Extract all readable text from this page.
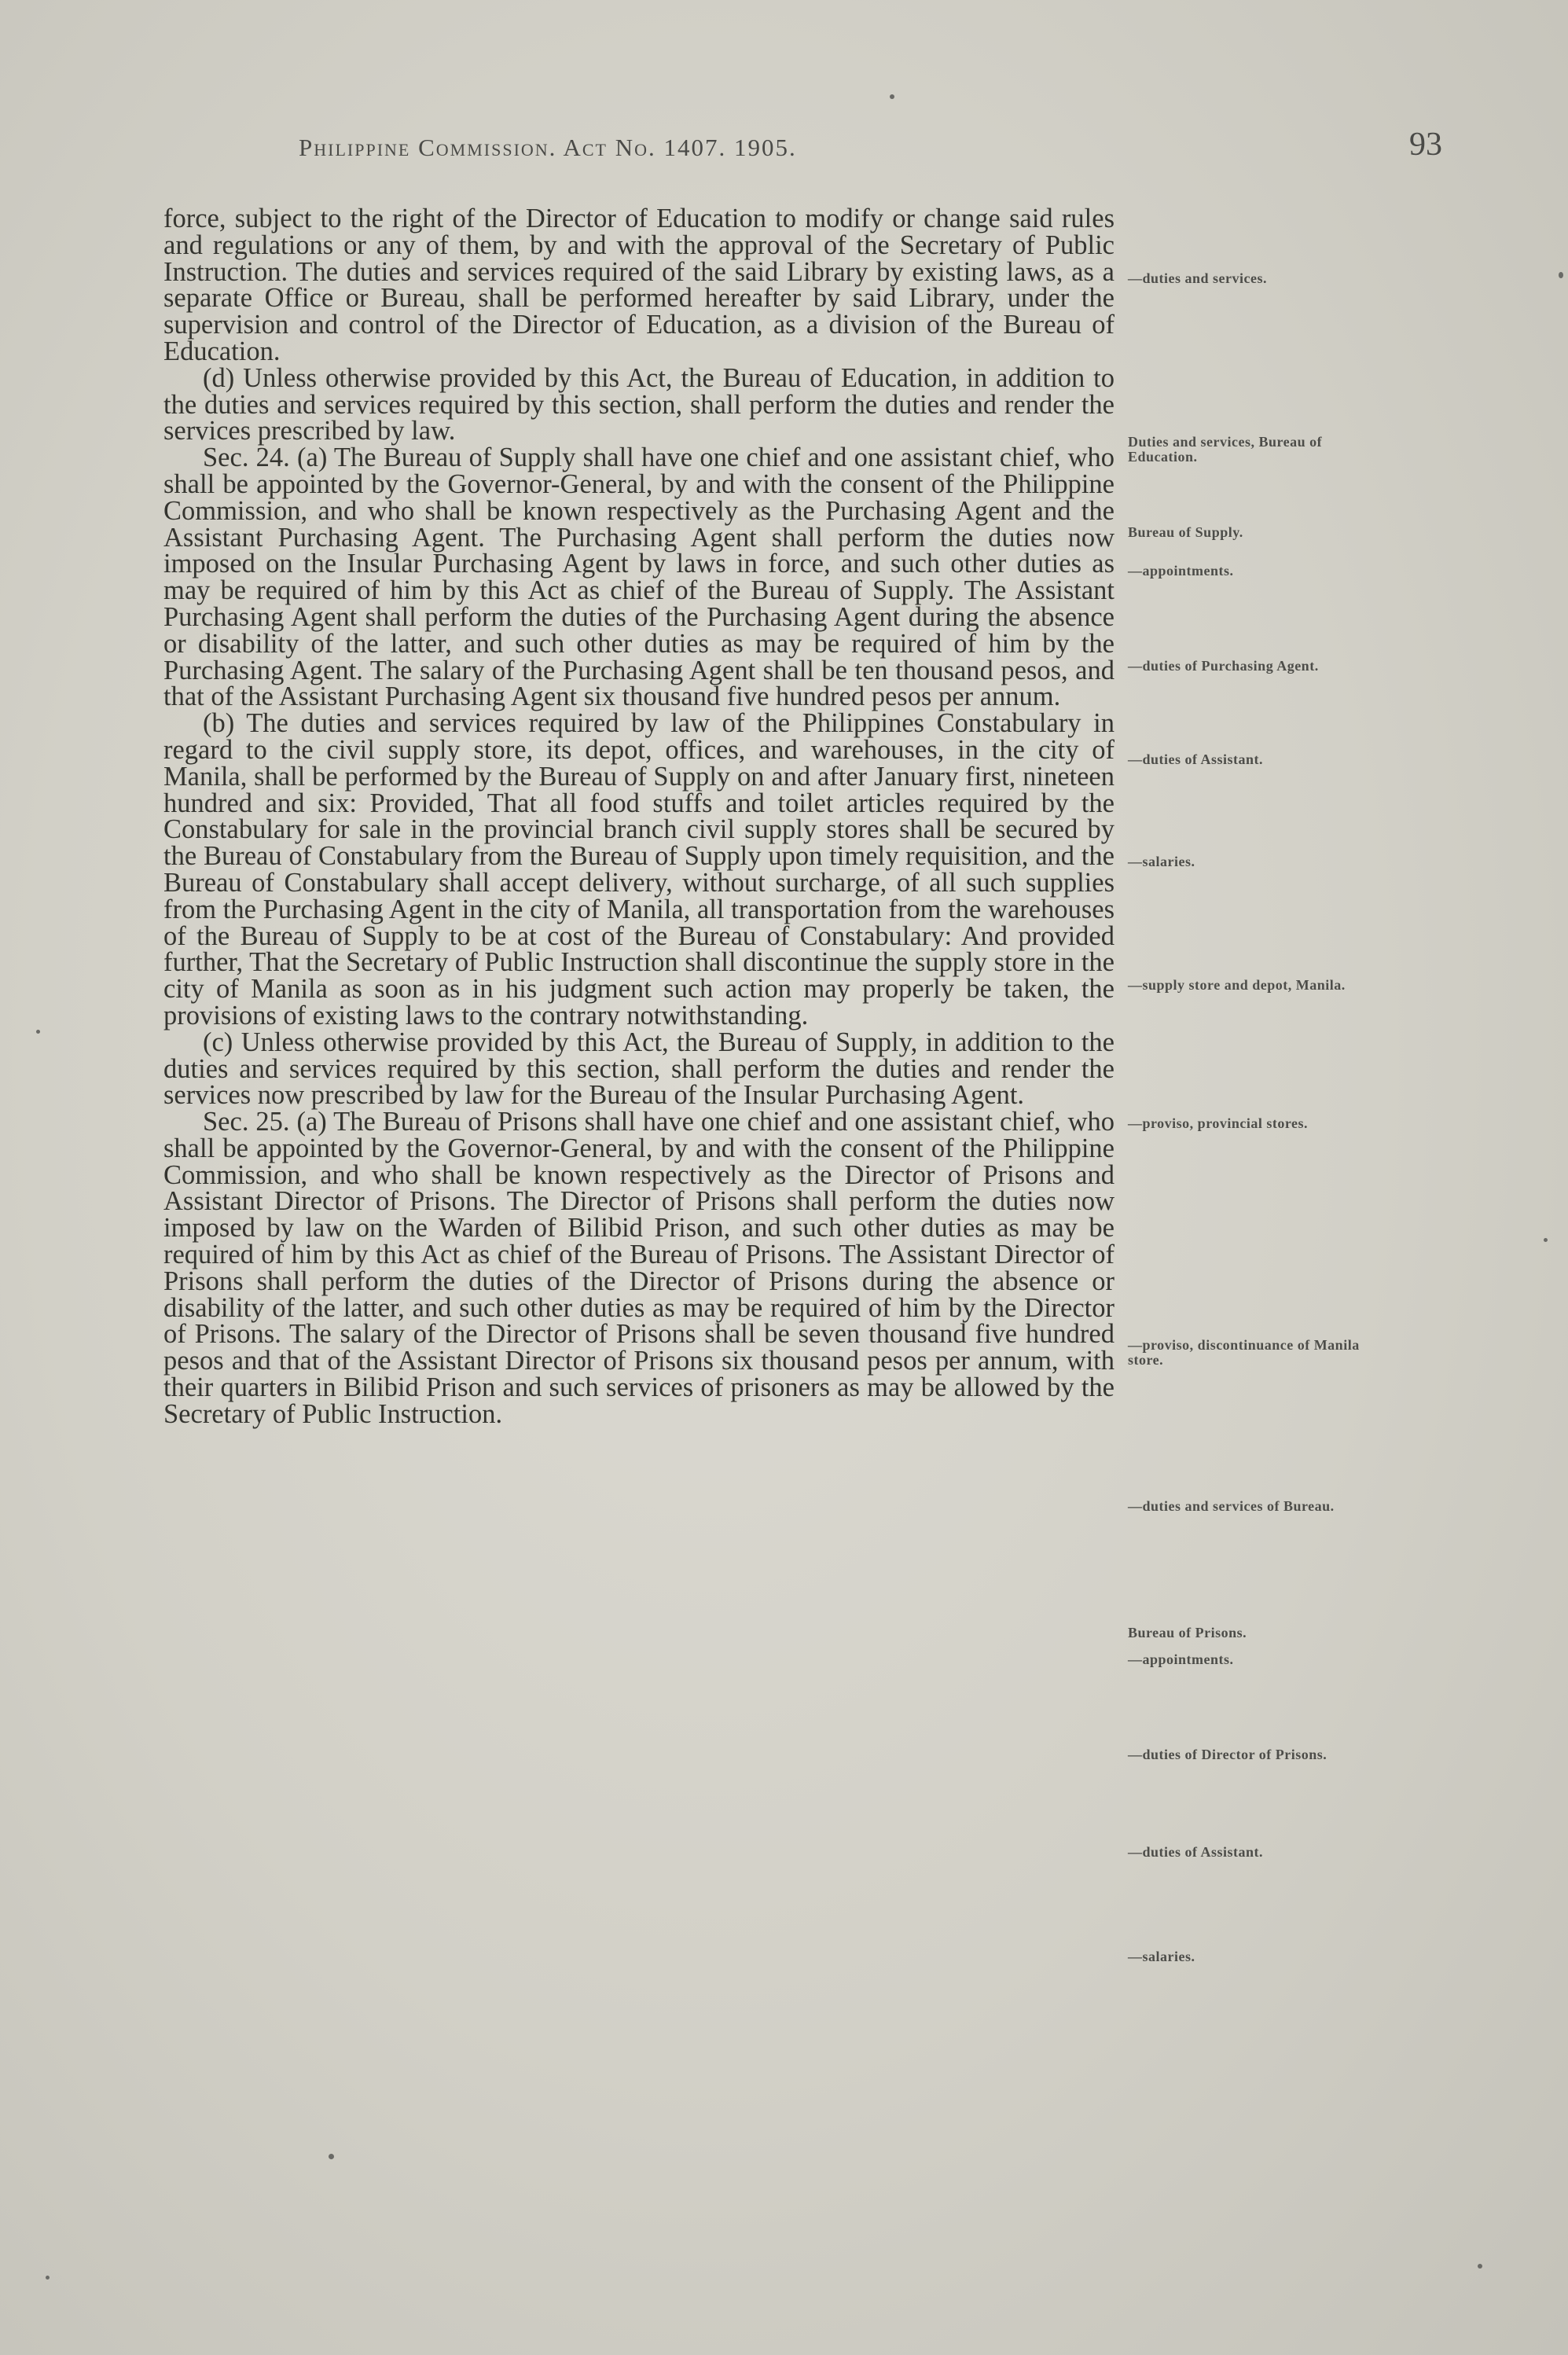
Philippine Commission. Act No. 1407. 1905.	93

force, subject to the right of the Director of Education to modify or change said rules and regulations or any of them, by and with the approval of the Secretary of Public Instruction. The duties and services required of the said Library by existing laws, as a separate Office or Bureau, shall be performed hereafter by said Library, under the supervision and control of the Director of Education, as a division of the Bureau of Education.

(d) Unless otherwise provided by this Act, the Bureau of Education, in addition to the duties and services required by this section, shall perform the duties and render the services prescribed by law.

Sec. 24. (a) The Bureau of Supply shall have one chief and one assistant chief, who shall be appointed by the Governor-General, by and with the consent of the Philippine Commission, and who shall be known respectively as the Purchasing Agent and the Assistant Purchasing Agent. The Purchasing Agent shall perform the duties now imposed on the Insular Purchasing Agent by laws in force, and such other duties as may be required of him by this Act as chief of the Bureau of Supply. The Assistant Purchasing Agent shall perform the duties of the Purchasing Agent during the absence or disability of the latter, and such other duties as may be required of him by the Purchasing Agent. The salary of the Purchasing Agent shall be ten thousand pesos, and that of the Assistant Purchasing Agent six thousand five hundred pesos per annum.

(b) The duties and services required by law of the Philippines Constabulary in regard to the civil supply store, its depot, offices, and warehouses, in the city of Manila, shall be performed by the Bureau of Supply on and after January first, nineteen hundred and six: Provided, That all food stuffs and toilet articles required by the Constabulary for sale in the provincial branch civil supply stores shall be secured by the Bureau of Constabulary from the Bureau of Supply upon timely requisition, and the Bureau of Constabulary shall accept delivery, without surcharge, of all such supplies from the Purchasing Agent in the city of Manila, all transportation from the warehouses of the Bureau of Supply to be at cost of the Bureau of Constabulary: And provided further, That the Secretary of Public Instruction shall discontinue the supply store in the city of Manila as soon as in his judgment such action may properly be taken, the provisions of existing laws to the contrary notwithstanding.

(c) Unless otherwise provided by this Act, the Bureau of Supply, in addition to the duties and services required by this section, shall perform the duties and render the services now prescribed by law for the Bureau of the Insular Purchasing Agent.

Sec. 25. (a) The Bureau of Prisons shall have one chief and one assistant chief, who shall be appointed by the Governor-General, by and with the consent of the Philippine Commission, and who shall be known respectively as the Director of Prisons and Assistant Director of Prisons. The Director of Prisons shall perform the duties now imposed by law on the Warden of Bilibid Prison, and such other duties as may be required of him by this Act as chief of the Bureau of Prisons. The Assistant Director of Prisons shall perform the duties of the Director of Prisons during the absence or disability of the latter, and such other duties as may be required of him by the Director of Prisons. The salary of the Director of Prisons shall be seven thousand five hundred pesos and that of the Assistant Director of Prisons six thousand pesos per annum, with their quarters in Bilibid Prison and such services of prisoners as may be allowed by the Secretary of Public Instruction.

—duties and services.
Duties and services, Bureau of Education.
Bureau of Supply.
—appointments.
—duties of Purchasing Agent.
—duties of Assistant.
—salaries.
—supply store and depot, Manila.
—proviso, provincial stores.
—proviso, discontinuance of Manila store.
—duties and services of Bureau.
Bureau of Prisons.
—appointments.
—duties of Director of Prisons.
—duties of Assistant.
—salaries.
